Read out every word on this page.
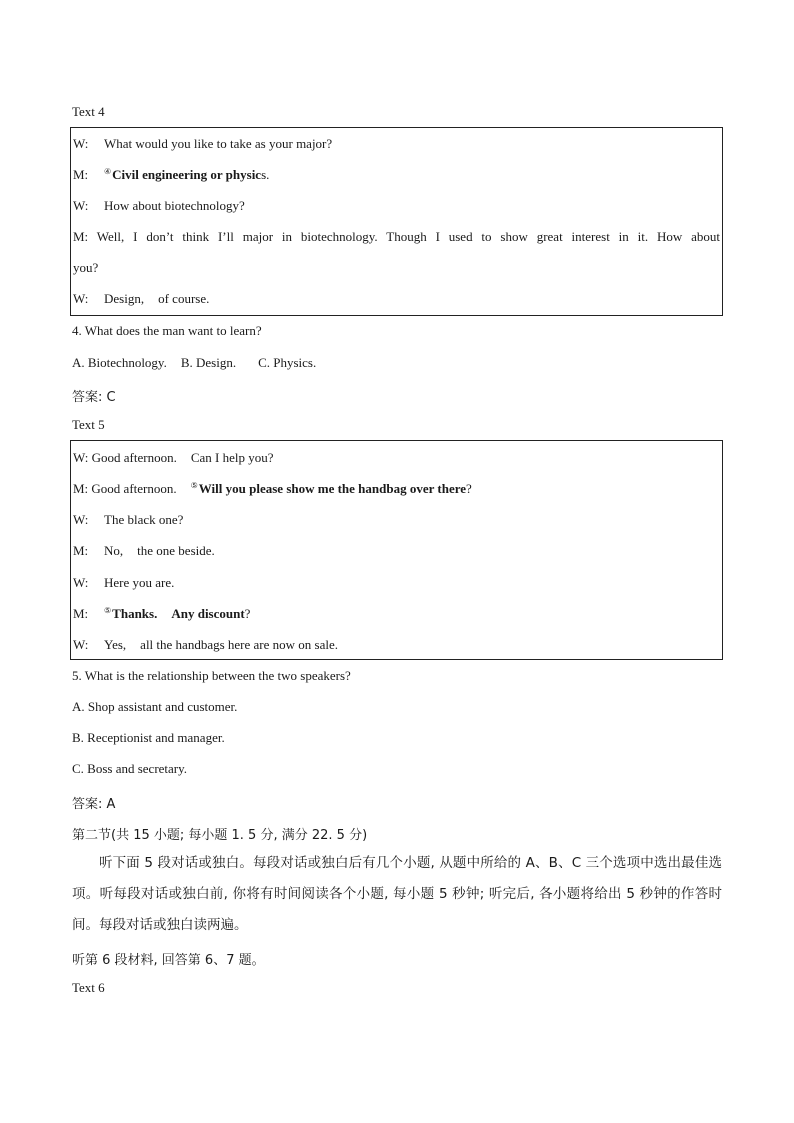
Text 4
W: What would you like to take as your major?
M: ④Civil engineering or physics.
W: How about biotechnology?
M: Well, I don’t think I’ll major in biotechnology. Though I used to show great interest in it. How about
you?
W: Design, of course.
4. What does the man want to learn?
A. Biotechnology. B. Design. C. Physics.
答案: C
Text 5
W: Good afternoon. Can I help you?
M: Good afternoon. ⑤Will you please show me the handbag over there?
W: The black one?
M: No, the one beside.
W: Here you are.
M: ⑤Thanks. Any discount?
W: Yes, all the handbags here are now on sale.
5. What is the relationship between the two speakers?
A. Shop assistant and customer.
B. Receptionist and manager.
C. Boss and secretary.
答案: A
第二节(共 15 小题; 每小题 1. 5 分, 满分 22. 5 分)
听下面 5 段对话或独白。每段对话或独白后有几个小题, 从题中所给的 A、B、C 三个选项中选出最佳选项。听每段对话或独白前, 你将有时间阅读各个小题, 每小题 5 秒钟; 听完后, 各小题将给出 5 秒钟的作答时间。每段对话或独白读两遍。
听第 6 段材料, 回答第 6、7 题。
Text 6
